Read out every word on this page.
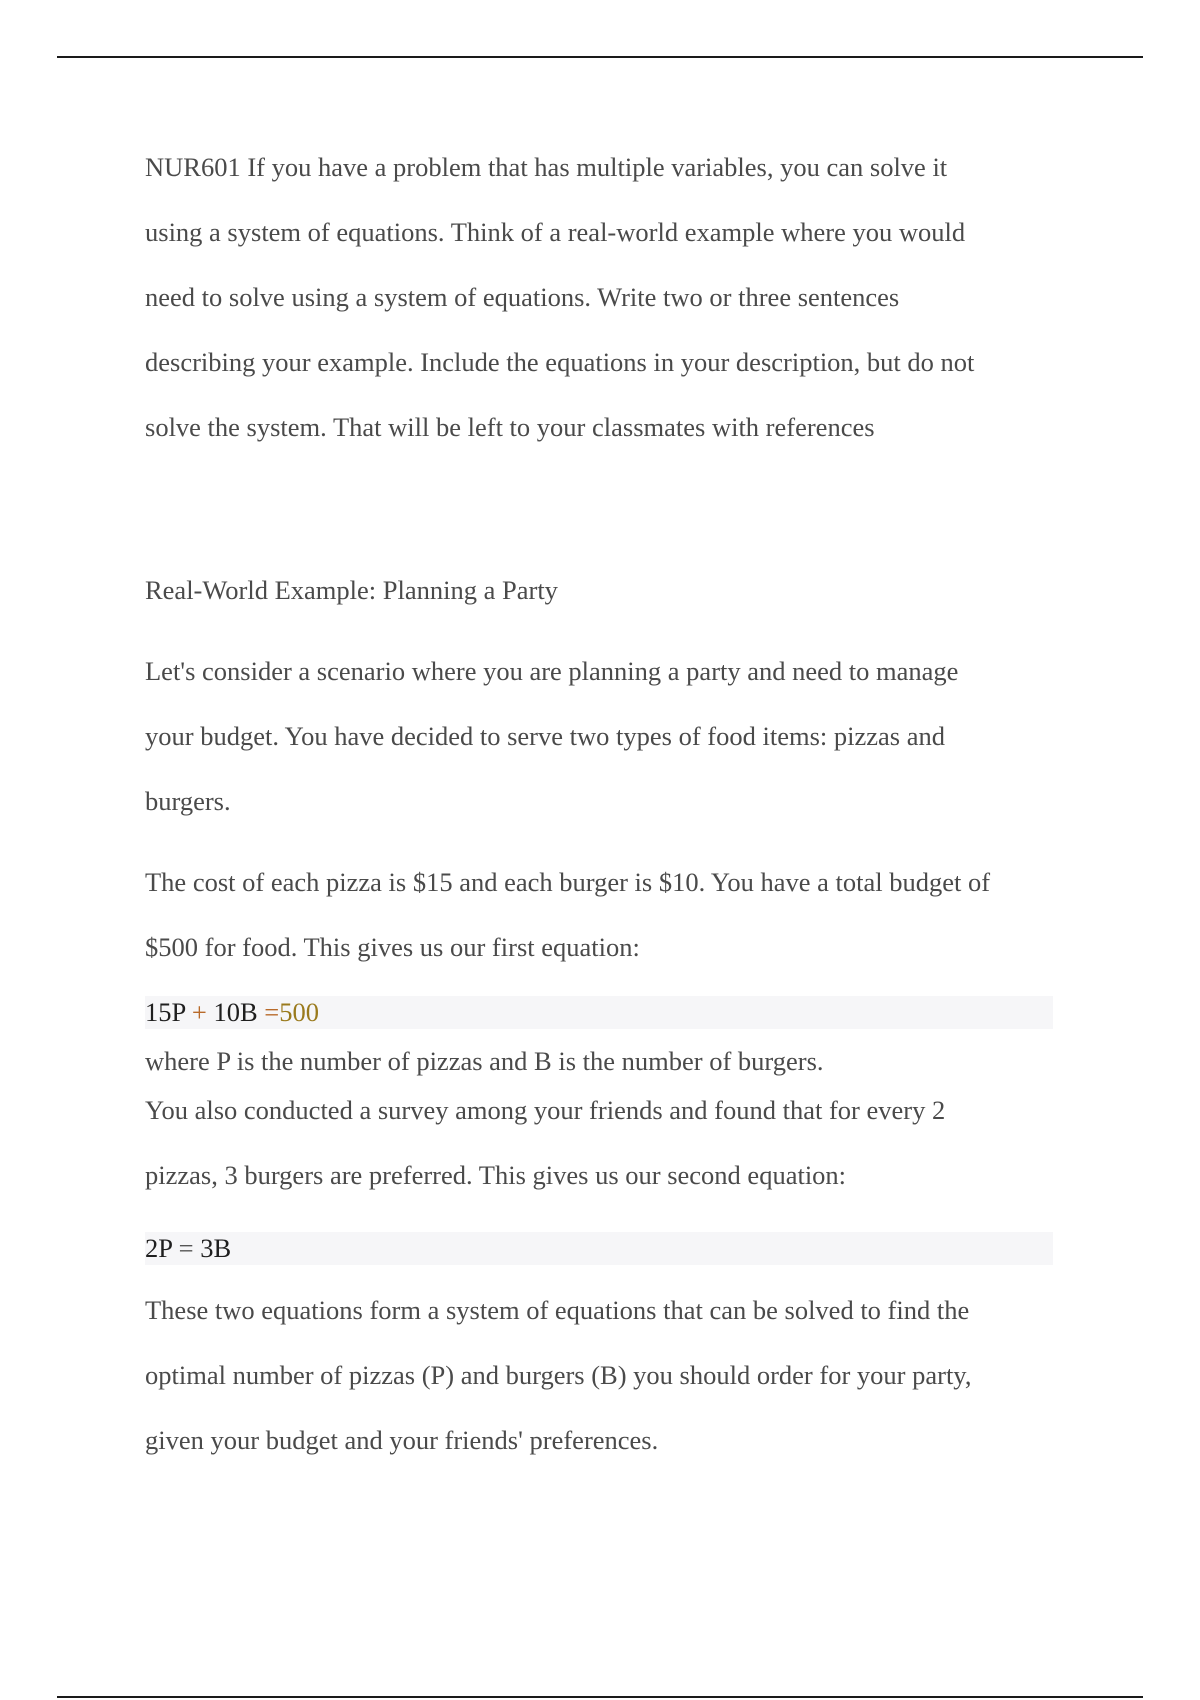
NUR601 If you have a problem that has multiple variables, you can solve it
using a system of equations. Think of a real-world example where you would
need to solve using a system of equations. Write two or three sentences
describing your example. Include the equations in your description, but do not
solve the system. That will be left to your classmates with references

Real-World Example: Planning a Party

Let's consider a scenario where you are planning a party and need to manage
your budget. You have decided to serve two types of food items: pizzas and
burgers.

The cost of each pizza is $15 and each burger is $10. You have a total budget of
$500 for food. This gives us our first equation:

15P + 10B =500

where P is the number of pizzas and B is the number of burgers.

You also conducted a survey among your friends and found that for every 2
pizzas, 3 burgers are preferred. This gives us our second equation:

2P = 3B

These two equations form a system of equations that can be solved to find the
optimal number of pizzas (P) and burgers (B) you should order for your party,
given your budget and your friends' preferences.
